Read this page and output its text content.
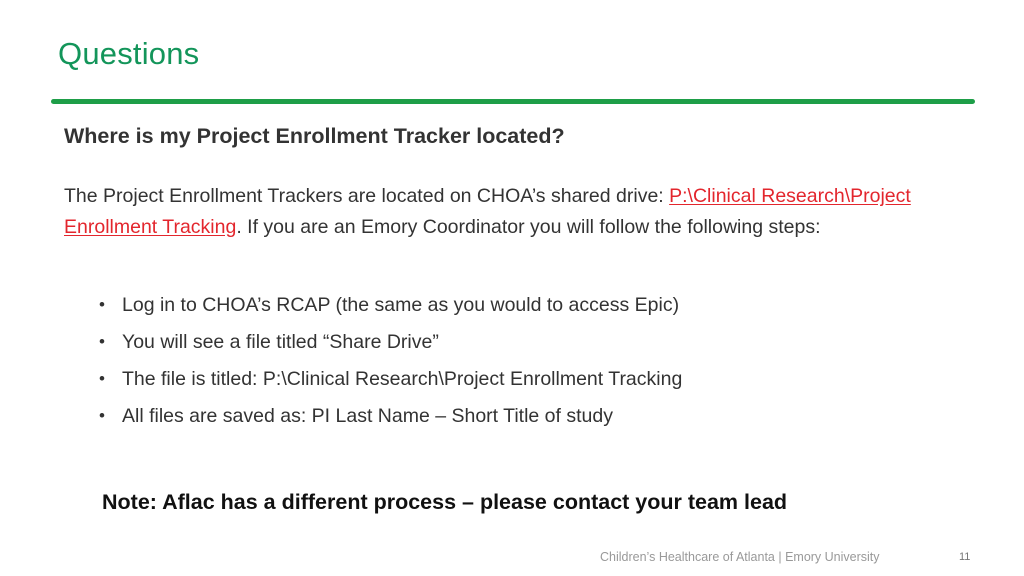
Questions
Where is my Project Enrollment Tracker located?
The Project Enrollment Trackers are located on CHOA’s shared drive: P:\Clinical Research\Project Enrollment Tracking. If you are an Emory Coordinator you will follow the following steps:
• Log in to CHOA’s RCAP (the same as you would to access Epic)
• You will see a file titled “Share Drive”
• The file is titled: P:\Clinical Research\Project Enrollment Tracking
• All files are saved as: PI Last Name – Short Title of study
Note: Aflac has a different process – please contact your team lead
Children’s Healthcare of Atlanta | Emory University	11
